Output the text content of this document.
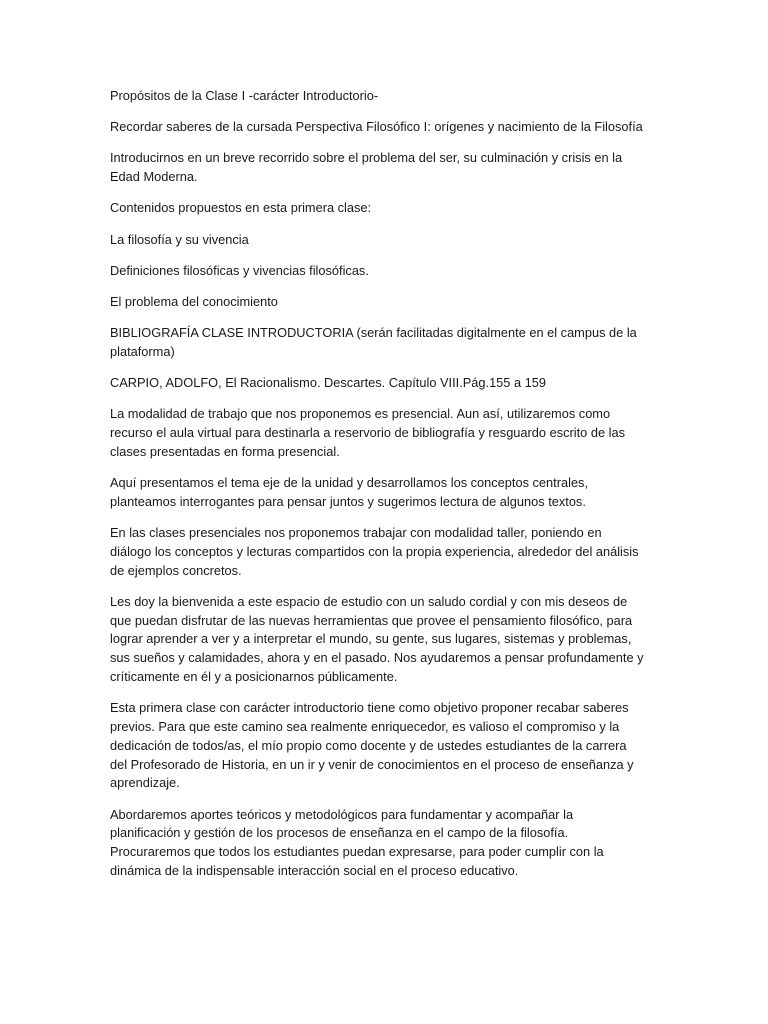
Propósitos de la Clase I -carácter Introductorio-

Recordar saberes de la cursada Perspectiva Filosófico I: orígenes y nacimiento de la Filosofía

Introducirnos en un breve recorrido sobre el problema del ser, su culminación y crisis en la Edad Moderna.

Contenidos propuestos en esta primera clase:

La filosofía y su vivencia

Definiciones filosóficas y vivencias filosóficas.

El problema del conocimiento

BIBLIOGRAFÍA CLASE INTRODUCTORIA (serán facilitadas digitalmente en el campus de la plataforma)

CARPIO, ADOLFO, El Racionalismo. Descartes. Capítulo VIII.Pág.155 a 159

La modalidad de trabajo que nos proponemos es presencial. Aun así, utilizaremos como recurso el aula virtual para destinarla a reservorio de bibliografía y resguardo escrito de las clases presentadas en forma presencial.

Aquí presentamos el tema eje de la unidad y desarrollamos los conceptos centrales, planteamos interrogantes para pensar juntos y sugerimos lectura de algunos textos.

En las clases presenciales nos proponemos trabajar con modalidad taller, poniendo en diálogo los conceptos y lecturas compartidos con la propia experiencia, alrededor del análisis de ejemplos concretos.

Les doy la bienvenida a este espacio de estudio con un saludo cordial y con mis deseos de que puedan disfrutar de las nuevas herramientas que provee el pensamiento filosófico, para lograr aprender a ver y a interpretar el mundo, su gente, sus lugares, sistemas y problemas, sus sueños y calamidades, ahora y en el pasado. Nos ayudaremos a pensar profundamente y críticamente en él y a posicionarnos públicamente.

Esta primera clase con carácter introductorio tiene como objetivo proponer recabar saberes previos. Para que este camino sea realmente enriquecedor, es valioso el compromiso y la dedicación de todos/as, el mío propio como docente y de ustedes estudiantes de la carrera del Profesorado de Historia, en un ir y venir de conocimientos en el proceso de enseñanza y aprendizaje.

Abordaremos aportes teóricos y metodológicos para fundamentar y acompañar la planificación y gestión de los procesos de enseñanza en el campo de la filosofía. Procuraremos que todos los estudiantes puedan expresarse, para poder cumplir con la dinámica de la indispensable interacción social en el proceso educativo.
